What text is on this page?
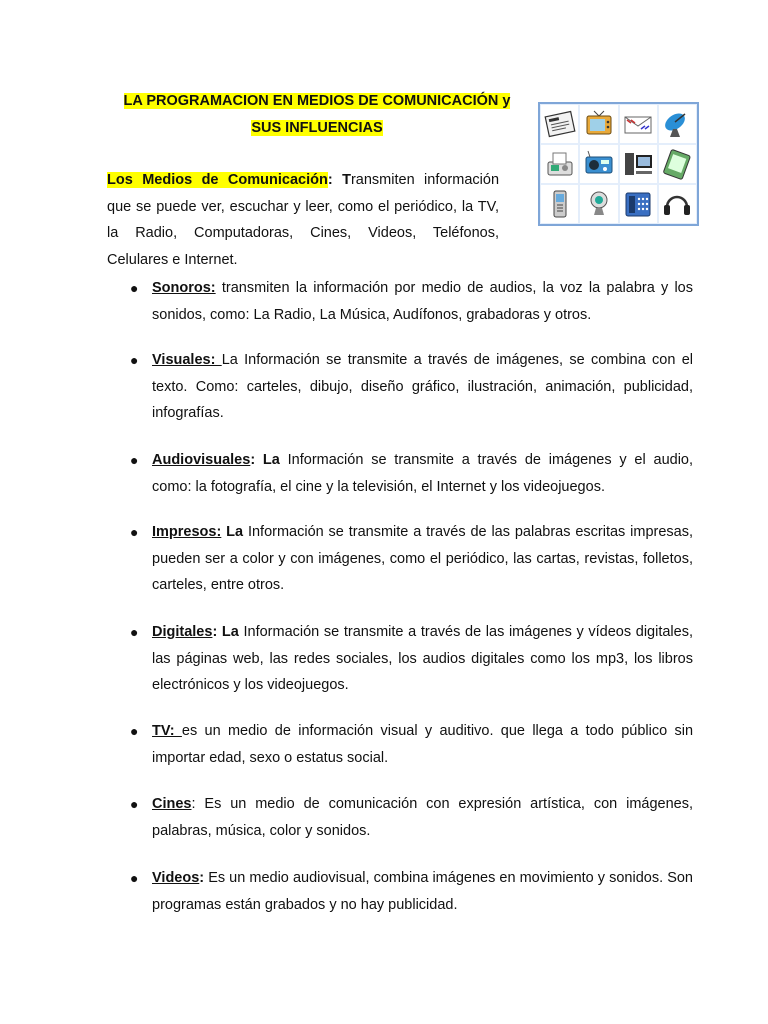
LA PROGRAMACION EN MEDIOS DE COMUNICACIÓN y
SUS INFLUENCIAS
Los Medios de Comunicación: Transmiten información que se puede ver, escuchar y leer, como el periódico, la TV, la Radio, Computadoras, Cines, Videos, Teléfonos, Celulares e Internet.
● Sonoros: transmiten la información por medio de audios, la voz la palabra y los sonidos, como: La Radio, La Música, Audífonos, grabadoras y otros.
● Visuales: La Información se transmite a través de imágenes, se combina con el texto. Como: carteles, dibujo, diseño gráfico, ilustración, animación, publicidad, infografías.
● Audiovisuales: La Información se transmite a través de imágenes y el audio, como: la fotografía, el cine y la televisión, el Internet y los videojuegos.
● Impresos: La Información se transmite a través de las palabras escritas impresas, pueden ser a color y con imágenes, como el periódico, las cartas, revistas, folletos, carteles, entre otros.
● Digitales: La Información se transmite a través de las imágenes y vídeos digitales, las páginas web, las redes sociales, los audios digitales como los mp3, los libros electrónicos y los videojuegos.
● TV: es un medio de información visual y auditivo. que llega a todo público sin importar edad, sexo o estatus social.
● Cines: Es un medio de comunicación con expresión artística, con imágenes, palabras, música, color y sonidos.
● Videos: Es un medio audiovisual, combina imágenes en movimiento y sonidos. Son programas están grabados y no hay publicidad.
